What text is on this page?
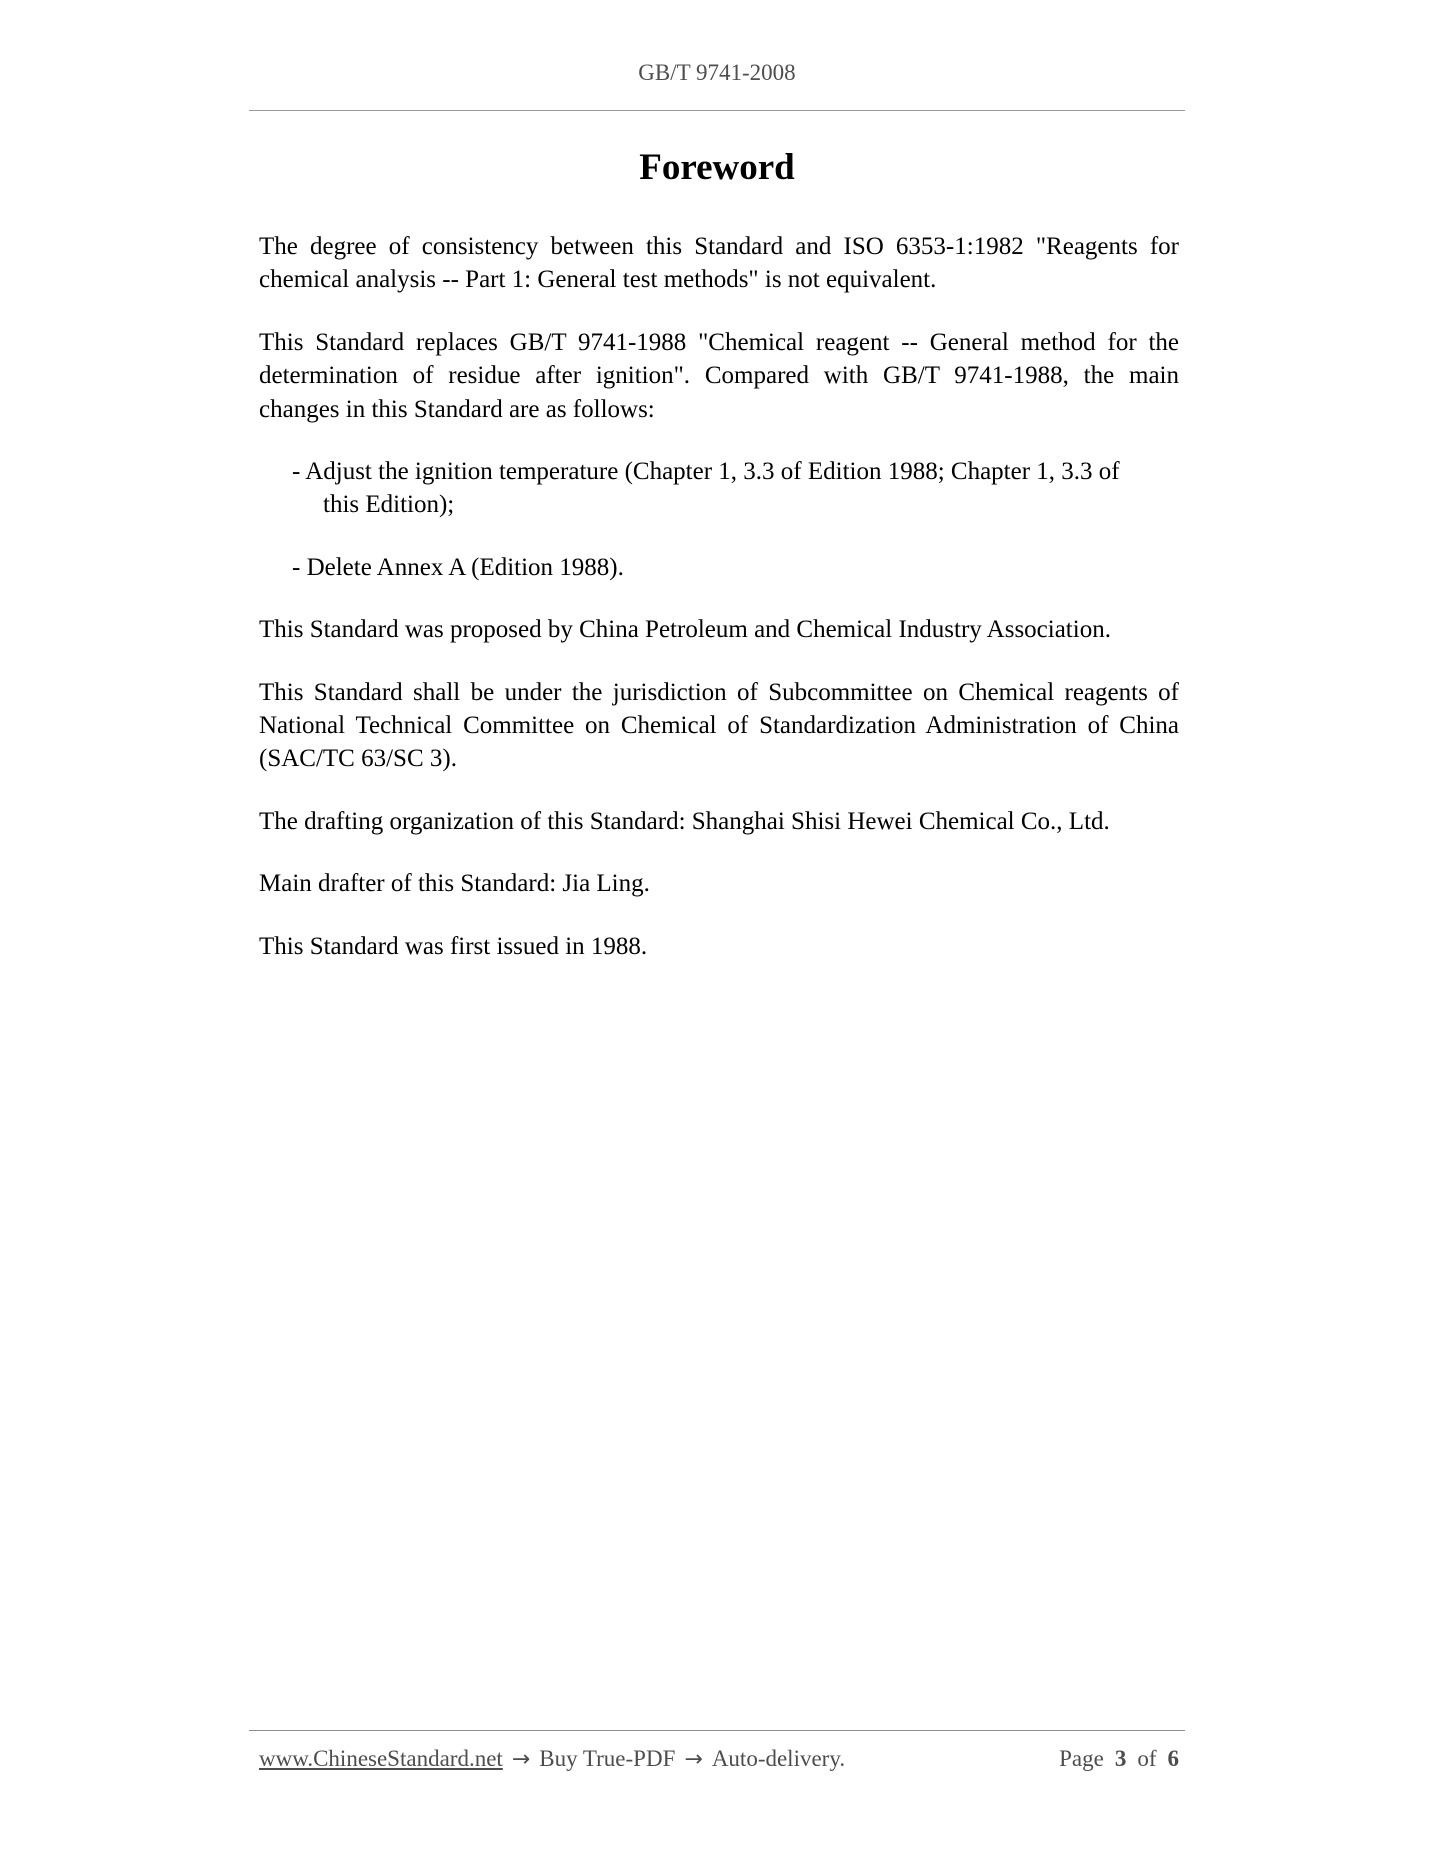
GB/T 9741-2008
Foreword

The degree of consistency between this Standard and ISO 6353-1:1982 "Reagents for chemical analysis -- Part 1: General test methods" is not equivalent.

This Standard replaces GB/T 9741-1988 "Chemical reagent -- General method for the determination of residue after ignition". Compared with GB/T 9741-1988, the main changes in this Standard are as follows:

- Adjust the ignition temperature (Chapter 1, 3.3 of Edition 1988; Chapter 1, 3.3 of this Edition);

- Delete Annex A (Edition 1988).

This Standard was proposed by China Petroleum and Chemical Industry Association.

This Standard shall be under the jurisdiction of Subcommittee on Chemical reagents of National Technical Committee on Chemical of Standardization Administration of China (SAC/TC 63/SC 3).

The drafting organization of this Standard: Shanghai Shisi Hewei Chemical Co., Ltd.

Main drafter of this Standard: Jia Ling.

This Standard was first issued in 1988.

www.ChineseStandard.net → Buy True-PDF → Auto-delivery.	Page 3 of 6
